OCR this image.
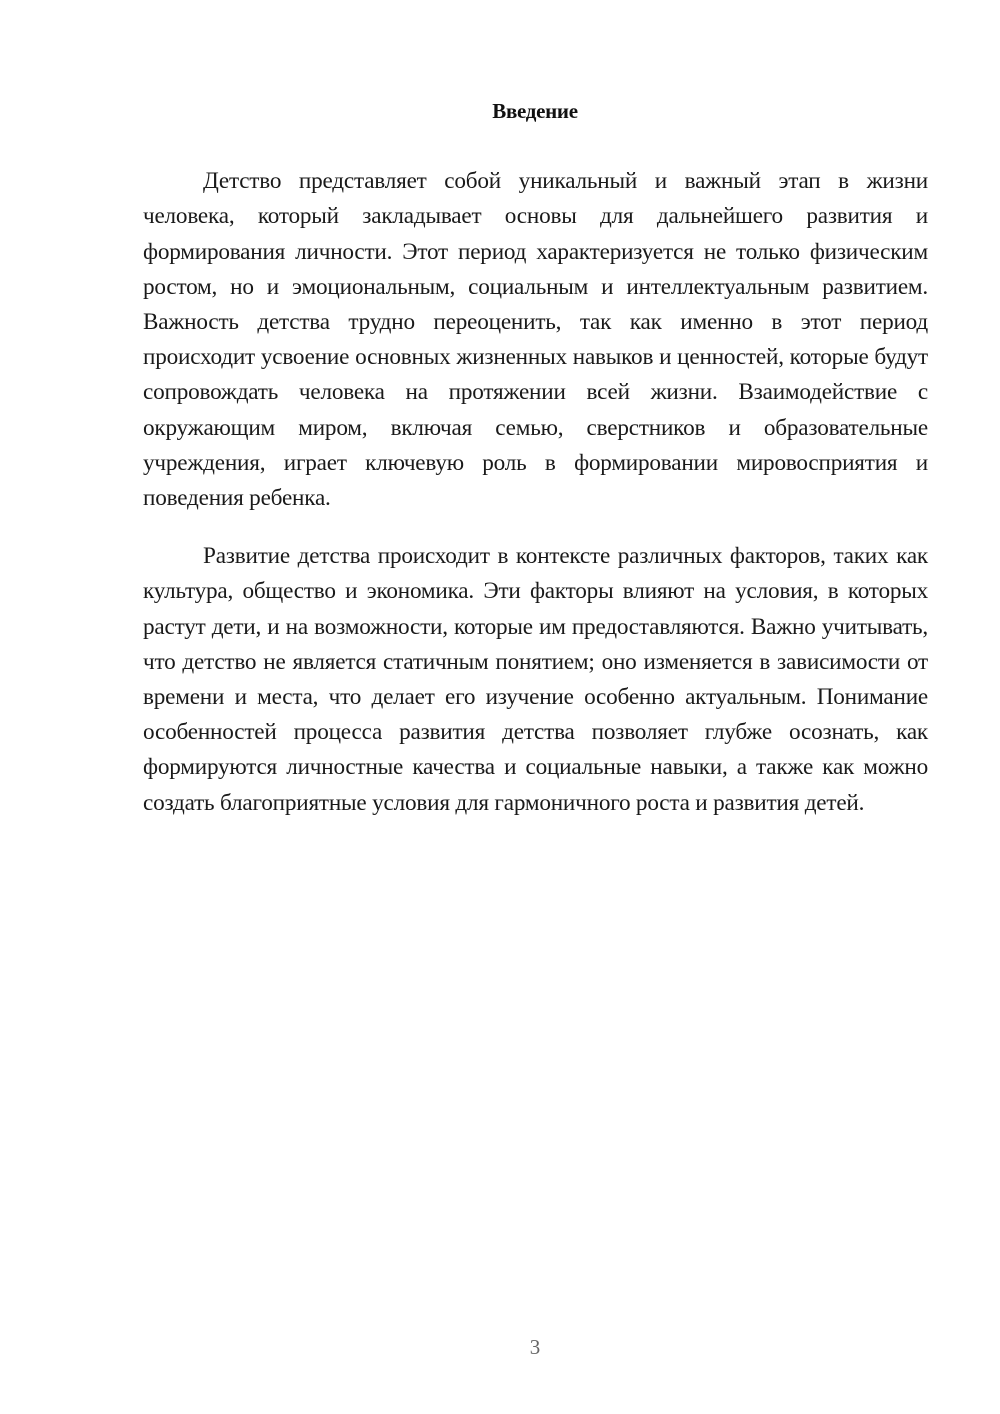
Введение

Детство представляет собой уникальный и важный этап в жизни человека, который закладывает основы для дальнейшего развития и формирования личности. Этот период характеризуется не только физическим ростом, но и эмоциональным, социальным и интеллектуальным развитием. Важность детства трудно переоценить, так как именно в этот период происходит усвоение основных жизненных навыков и ценностей, которые будут сопровождать человека на протяжении всей жизни. Взаимодействие с окружающим миром, включая семью, сверстников и образовательные учреждения, играет ключевую роль в формировании мировосприятия и поведения ребенка.

Развитие детства происходит в контексте различных факторов, таких как культура, общество и экономика. Эти факторы влияют на условия, в которых растут дети, и на возможности, которые им предоставляются. Важно учитывать, что детство не является статичным понятием; оно изменяется в зависимости от времени и места, что делает его изучение особенно актуальным. Понимание особенностей процесса развития детства позволяет глубже осознать, как формируются личностные качества и социальные навыки, а также как можно создать благоприятные условия для гармоничного роста и развития детей.

3
